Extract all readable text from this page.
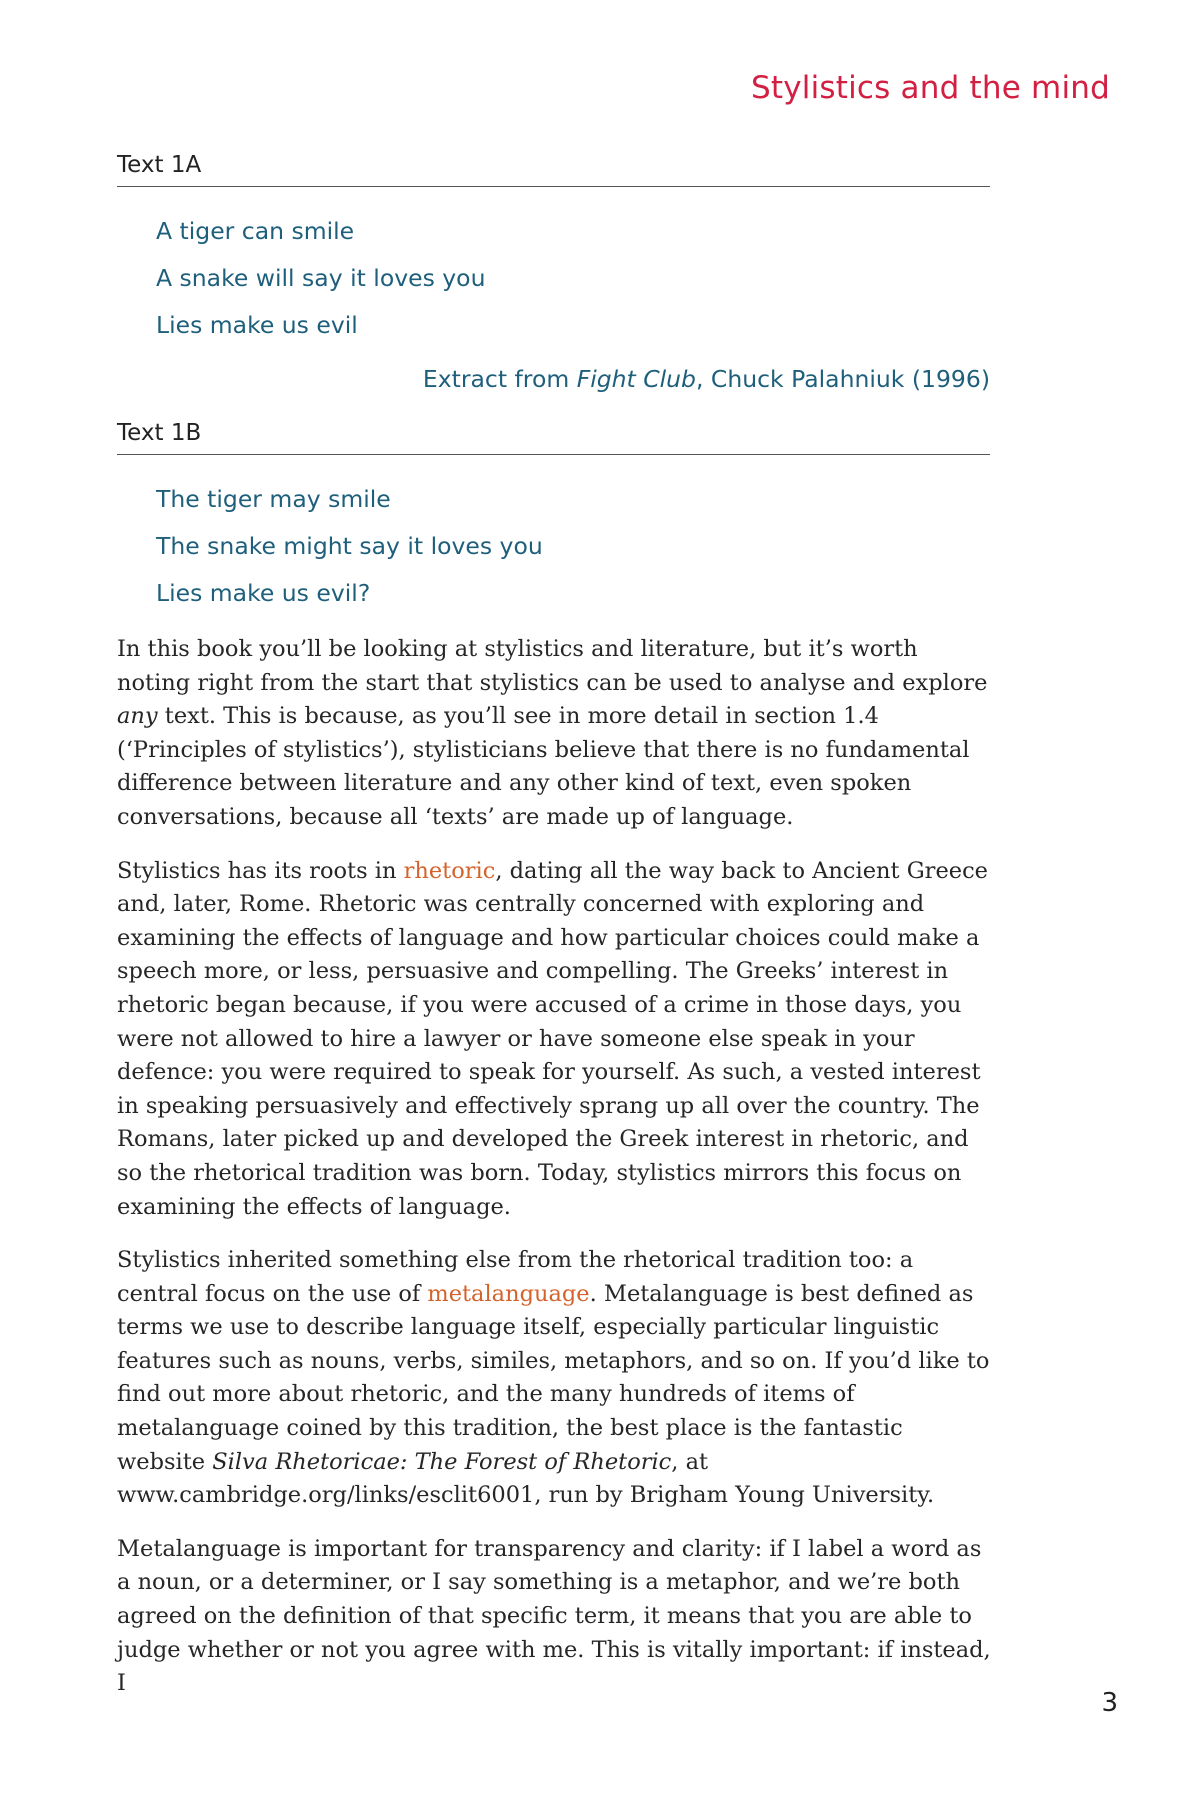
Stylistics and the mind
Text 1A
A tiger can smile
A snake will say it loves you
Lies make us evil
Extract from Fight Club, Chuck Palahniuk (1996)
Text 1B
The tiger may smile
The snake might say it loves you
Lies make us evil?

In this book you’ll be looking at stylistics and literature, but it’s worth noting right from the start that stylistics can be used to analyse and explore any text. This is because, as you’ll see in more detail in section 1.4 (‘Principles of stylistics’), stylisticians believe that there is no fundamental difference between literature and any other kind of text, even spoken conversations, because all ‘texts’ are made up of language.

Stylistics has its roots in rhetoric, dating all the way back to Ancient Greece and, later, Rome. Rhetoric was centrally concerned with exploring and examining the effects of language and how particular choices could make a speech more, or less, persuasive and compelling. The Greeks’ interest in rhetoric began because, if you were accused of a crime in those days, you were not allowed to hire a lawyer or have someone else speak in your defence: you were required to speak for yourself. As such, a vested interest in speaking persuasively and effectively sprang up all over the country. The Romans, later picked up and developed the Greek interest in rhetoric, and so the rhetorical tradition was born. Today, stylistics mirrors this focus on examining the effects of language.

Stylistics inherited something else from the rhetorical tradition too: a central focus on the use of metalanguage. Metalanguage is best defined as terms we use to describe language itself, especially particular linguistic features such as nouns, verbs, similes, metaphors, and so on. If you’d like to find out more about rhetoric, and the many hundreds of items of metalanguage coined by this tradition, the best place is the fantastic website Silva Rhetoricae: The Forest of Rhetoric, at www.cambridge.org/links/esclit6001, run by Brigham Young University.

Metalanguage is important for transparency and clarity: if I label a word as a noun, or a determiner, or I say something is a metaphor, and we’re both agreed on the definition of that specific term, it means that you are able to judge whether or not you agree with me. This is vitally important: if instead, I

3
